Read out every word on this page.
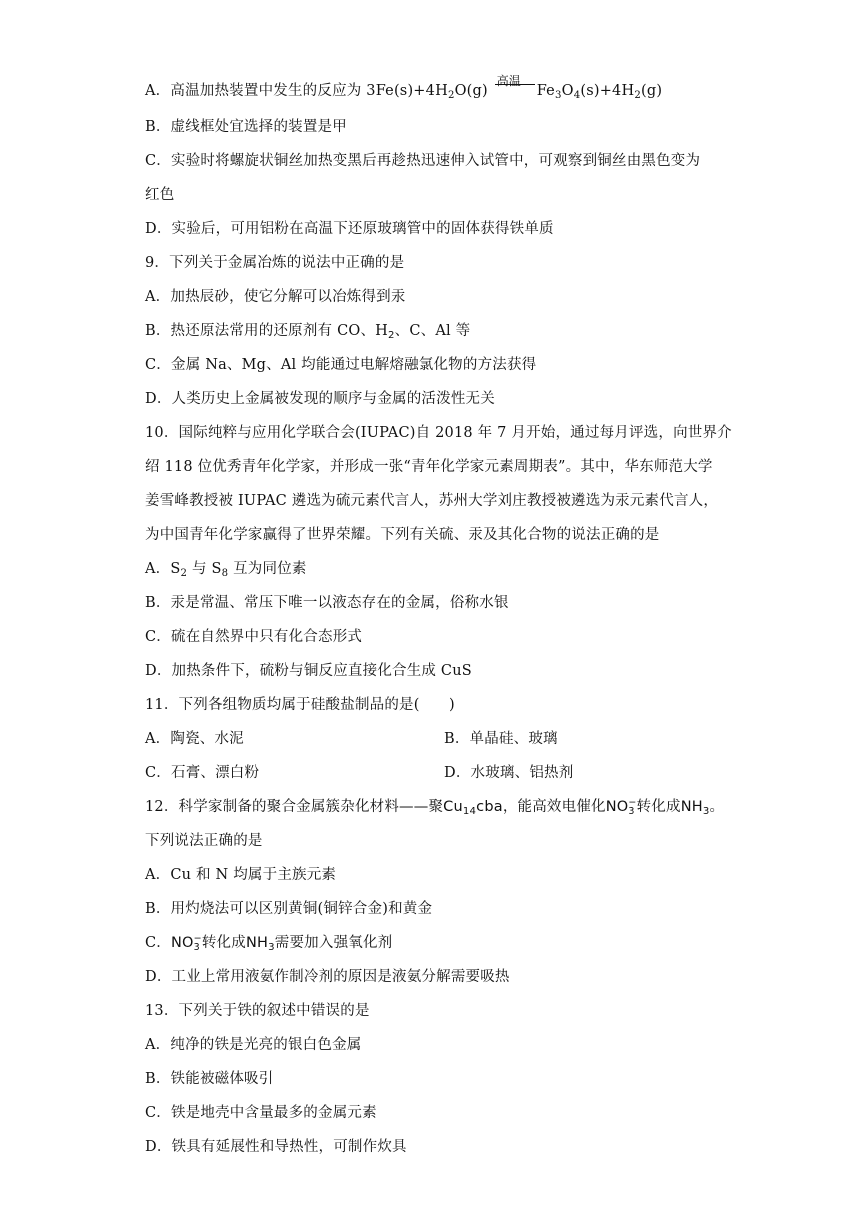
A．高温加热装置中发生的反应为 $3Fe(s)+4H_2O(g)$
高温
$Fe_3O_4(s)+4H_2(g)$
B．虚线框处宜选择的装置是甲
C．实验时将螺旋状铜丝加热变黑后再趁热迅速伸入试管中，可观察到铜丝由黑色变为
红色
D．实验后，可用铝粉在高温下还原玻璃管中的固体获得铁单质
9．下列关于金属冶炼的说法中正确的是
A．加热辰砂，使它分解可以冶炼得到汞
B．热还原法常用的还原剂有 CO、$H_2$、C、Al 等
C．金属 Na、Mg、Al 均能通过电解熔融氯化物的方法获得
D．人类历史上金属被发现的顺序与金属的活泼性无关
10．国际纯粹与应用化学联合会(IUPAC)自 2018 年 7 月开始，通过每月评选，向世界介
绍 118 位优秀青年化学家，并形成一张“青年化学家元素周期表”。其中，华东师范大学
姜雪峰教授被 IUPAC 遴选为硫元素代言人，苏州大学刘庄教授被遴选为汞元素代言人，
为中国青年化学家赢得了世界荣耀。下列有关硫、汞及其化合物的说法正确的是
A．$S_2$ 与 $S_8$ 互为同位素
B．汞是常温、常压下唯一以液态存在的金属，俗称水银
C．硫在自然界中只有化合态形式
D．加热条件下，硫粉与铜反应直接化合生成 CuS
11．下列各组物质均属于硅酸盐制品的是(　　)
A．陶瓷、水泥	B．单晶硅、玻璃
C．石膏、漂白粉	D．水玻璃、铝热剂
12．科学家制备的聚合金属簇杂化材料——聚$Cu_{14}cba$，能高效电催化NO −
3 转化成$NH_3$。
下列说法正确的是
A．Cu 和 N 均属于主族元素
B．用灼烧法可以区别黄铜(铜锌合金)和黄金
C．NO −
3 转化成$NH_3$需要加入强氧化剂
D．工业上常用液氨作制冷剂的原因是液氨分解需要吸热
13．下列关于铁的叙述中错误的是
A．纯净的铁是光亮的银白色金属
B．铁能被磁体吸引
C．铁是地壳中含量最多的金属元素
D．铁具有延展性和导热性，可制作炊具
